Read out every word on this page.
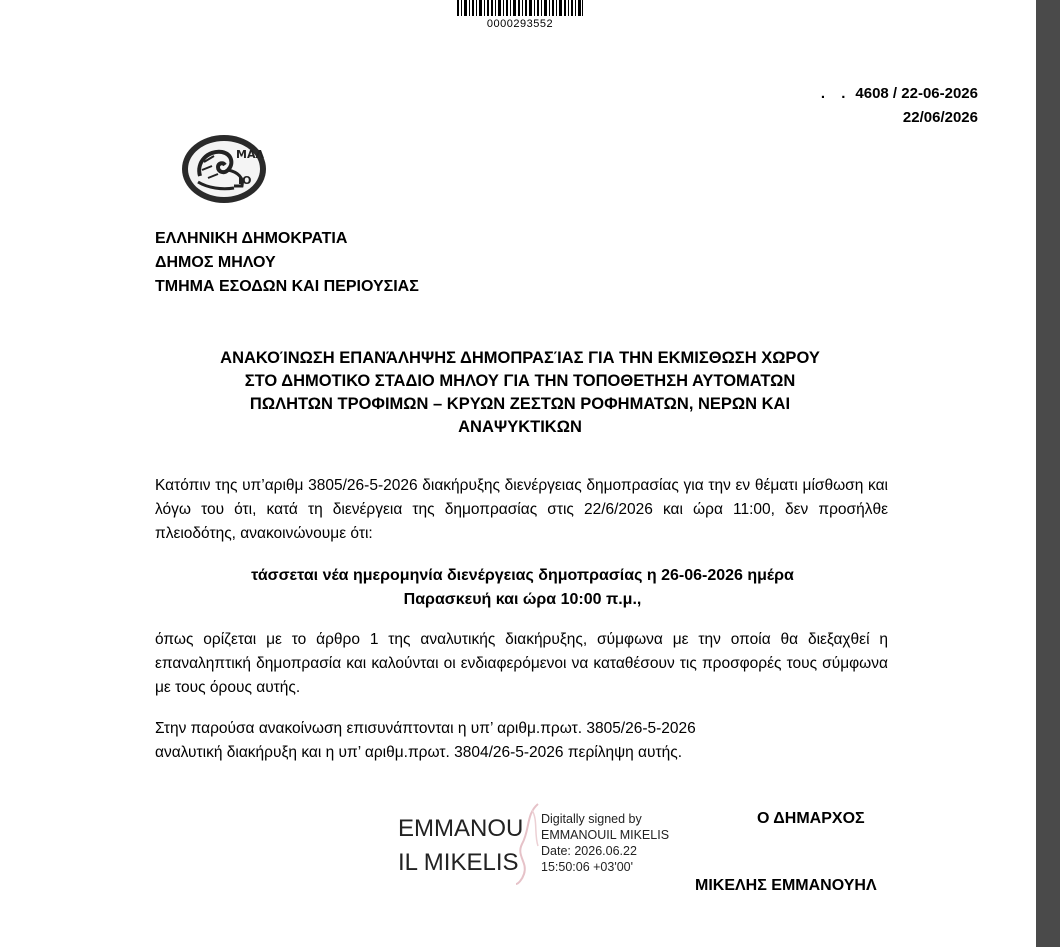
0000293552
. . 4608 / 22-06-2026
22/06/2026
ΜΑΛ
ΙΟ
ΕΛΛΗΝΙΚΗ ΔΗΜΟΚΡΑΤΙΑ
ΔΗΜΟΣ ΜΗΛΟΥ
ΤΜΗΜΑ ΕΣΟΔΩΝ ΚΑΙ ΠΕΡΙΟΥΣΙΑΣ
ΑΝΑΚΟΊΝΩΣΗ ΕΠΑΝΆΛΗΨΗΣ ΔΗΜΟΠΡΑΣΊΑΣ ΓΙΑ ΤΗΝ ΕΚΜΙΣΘΩΣΗ ΧΩΡΟΥ
ΣΤΟ ΔΗΜΟΤΙΚΟ ΣΤΑΔΙΟ ΜΗΛΟΥ ΓΙΑ ΤΗΝ ΤΟΠΟΘΕΤΗΣΗ ΑΥΤΟΜΑΤΩΝ
ΠΩΛΗΤΩΝ ΤΡΟΦΙΜΩΝ – ΚΡΥΩΝ ΖΕΣΤΩΝ ΡΟΦΗΜΑΤΩΝ, ΝΕΡΩΝ ΚΑΙ
ΑΝΑΨΥΚΤΙΚΩΝ
Κατόπιν της υπ’αριθμ 3805/26-5-2026 διακήρυξης διενέργειας δημοπρασίας για την εν θέματι μίσθωση και λόγω του ότι, κατά τη διενέργεια της δημοπρασίας στις 22/6/2026 και ώρα 11:00, δεν προσήλθε πλειοδότης, ανακοινώνουμε ότι:
τάσσεται νέα ημερομηνία διενέργειας δημοπρασίας η 26-06-2026 ημέρα
Παρασκευή και ώρα 10:00 π.μ.,
όπως ορίζεται με το άρθρο 1 της αναλυτικής διακήρυξης, σύμφωνα με την οποία θα διεξαχθεί η επαναληπτική δημοπρασία και καλούνται οι ενδιαφερόμενοι να καταθέσουν τις προσφορές τους σύμφωνα με τους όρους αυτής.
Στην παρούσα ανακοίνωση επισυνάπτονται η υπ’ αριθμ.πρωτ. 3805/26-5-2026
αναλυτική διακήρυξη και η υπ’ αριθμ.πρωτ. 3804/26-5-2026 περίληψη αυτής.
EMMANOU
IL MIKELIS
Digitally signed by
EMMANOUIL MIKELIS
Date: 2026.06.22
15:50:06 +03'00'
Ο ΔΗΜΑΡΧΟΣ
ΜΙΚΕΛΗΣ ΕΜΜΑΝΟΥΗΛ
